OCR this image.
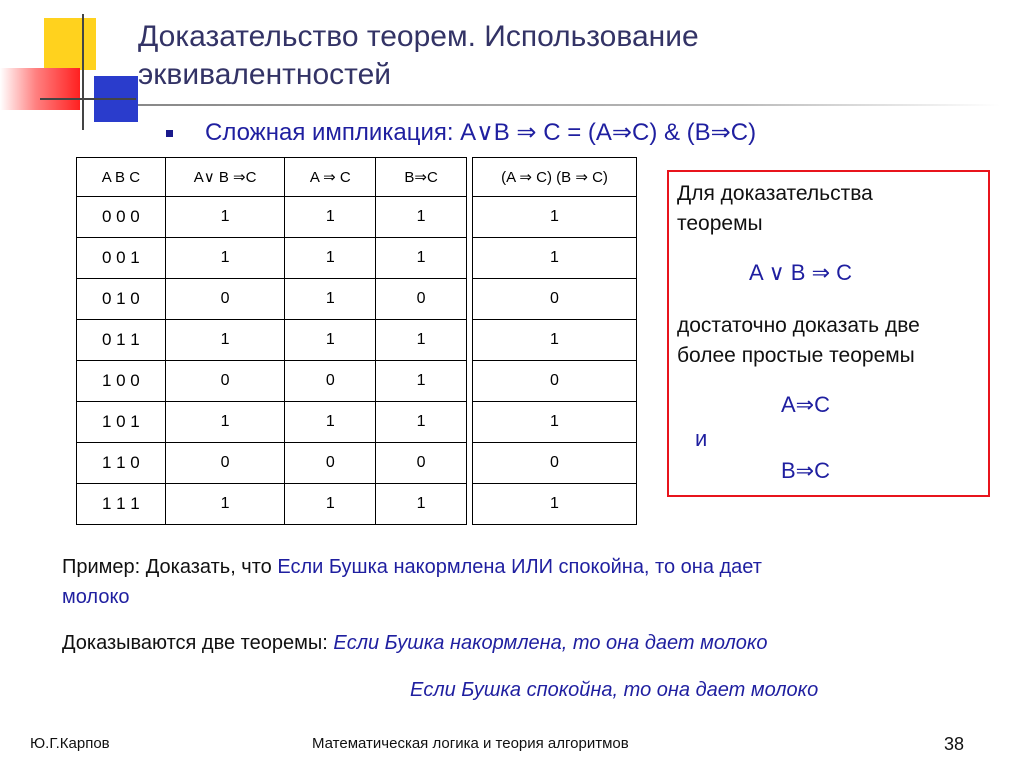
Доказательство теорем. Использование
эквивалентностей
Сложная импликация: A∨B ⇒ C = (A⇒C) & (B⇒C)
A B C	A∨ B ⇒C	A ⇒ C	B⇒C
0 0 0	1	1	1
0 0 1	1	1	1
0 1 0	0	1	0
0 1 1	1	1	1
1 0 0	0	0	1
1 0 1	1	1	1
1 1 0	0	0	0
1 1 1	1	1	1
(A ⇒ C) (B ⇒ C)
1
1
0
1
0
1
0
1
Для доказательства
теоремы
A ∨ B ⇒ C
достаточно доказать две
более простые теоремы
A⇒C
и
B⇒C
Пример: Доказать, что Если Бушка накормлена ИЛИ спокойна, то она дает
молоко
Доказываются две теоремы: Если Бушка накормлена, то она дает молоко
Если Бушка спокойна, то она дает молоко
Ю.Г.Карпов	Математическая логика и теория алгоритмов	38
